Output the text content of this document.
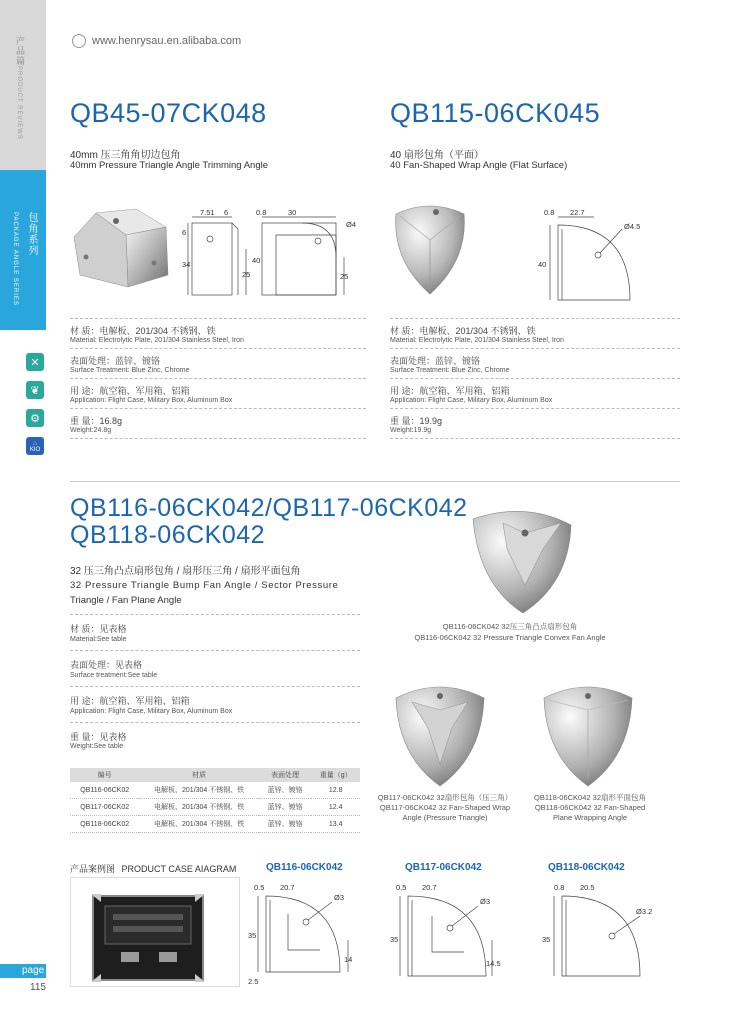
产品篇
PRODUCT REVIEWS
包角系列
PACKAGE ANGLE SERIES
✕
❦
⚙
∴
KIO
www.henrysau.en.alibaba.com
QB45-07CK048
40mm 压三角角切边包角
40mm Pressure Triangle Angle Trimming Angle
7.51 6
6
34
25
0.8	30
Ø4
40
25
材 质：电解板、201/304 不锈钢、铁
Material: Electrolytic Plate, 201/304 Stainless Steel, Iron
表面处理：蓝锌、镀铬
Surface Treatment: Blue Zinc, Chrome
用 途：航空箱、军用箱、铝箱
Application: Flight Case, Military Box, Aluminum Box
重 量：16.8g
Weight:24.8g
QB115-06CK045
40 扇形包角（平面）
40 Fan-Shaped Wrap Angle (Flat Surface)
0.8 22.7
Ø4.5
40
材 质：电解板、201/304 不锈钢、铁
Material: Electrolytic Plate, 201/304 Stainless Steel, Iron
表面处理：蓝锌、镀铬
Surface Treatment: Blue Zinc, Chrome
用 途：航空箱、军用箱、铝箱
Application: Flight Case, Military Box, Aluminum Box
重 量：19.9g
Weight:19.9g
QB116-06CK042/QB117-06CK042
QB118-06CK042
32 压三角凸点扇形包角 / 扇形压三角 / 扇形平面包角
32 Pressure Triangle Bump Fan Angle / Sector Pressure
Triangle / Fan Plane Angle
材 质：见表格
Material:See table
表面处理：见表格
Surface treatment:See table
用 途：航空箱、军用箱、铝箱
Application: Flight Case, Military Box, Aluminum Box
重 量：见表格
Weight:See table
编号	材质	表面处理	重量（g）
QB116-06CK02	电解板、201/304 不锈钢、铁	蓝锌、镀铬	12.8
QB117-06CK02	电解板、201/304 不锈钢、铁	蓝锌、镀铬	12.4
QB118-06CK02	电解板、201/304 不锈钢、铁	蓝锌、镀铬	13.4
QB116-06CK042 32压三角凸点扇形包角
QB116-06CK042 32 Pressure Triangle Convex Fan Angle
QB117-06CK042 32扇形包角（压三角）
QB117-06CK042 32 Fan-Shaped Wrap
Angle (Pressure Triangle)
QB118-06CK042 32扇形平面包角
QB118-06CK042 32 Fan-Shaped
Plane Wrapping Angle
产品案例图 PRODUCT CASE AIAGRAM	QB116-06CK042
0.5 20.7
Ø3
35
14
2.5
QB117-06CK042
0.5 20.7
Ø3
35
14.5
QB118-06CK042
0.8 20.5
Ø3.2
35
page
115
